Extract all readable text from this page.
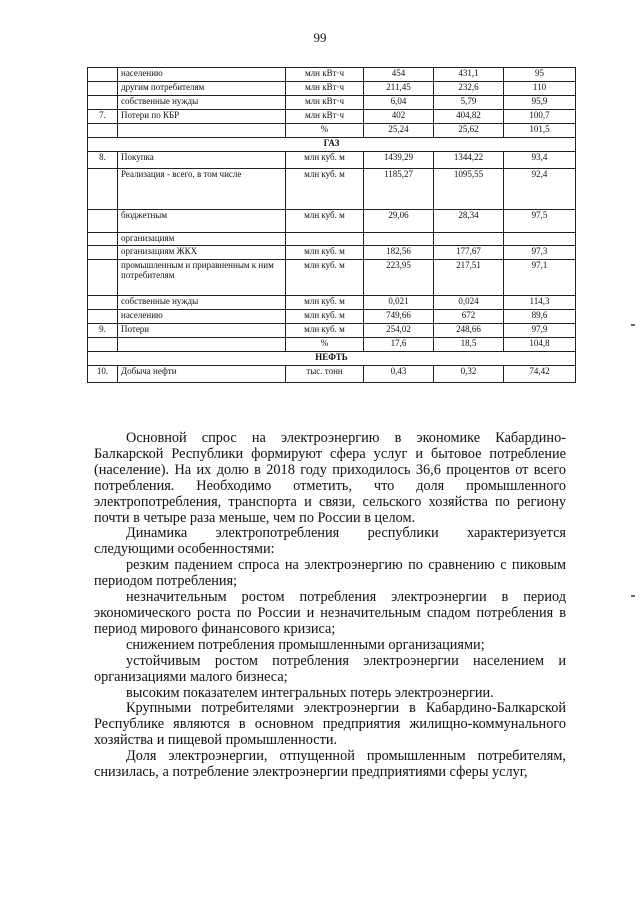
99
	населению	млн кВт·ч	454	431,1	95
	другим потребителям	млн кВт·ч	211,45	232,6	110
	собственные нужды	млн кВт·ч	6,04	5,79	95,9
7.	Потери по КБР	млн кВт·ч	402	404,82	100,7
		%	25,24	25,62	101,5
ГАЗ					
8.	Покупка	млн куб. м	1439,29	1344,22	93,4
	Реализация - всего, в том числе	млн куб. м	1185,27	1095,55	92,4
	бюджетным	млн куб. м	29,06	28,34	97,5
	организациям				
	организациям ЖКХ	млн куб. м	182,56	177,67	97,3
	промышленным и приравненным к ним потребителям	млн куб. м	223,95	217,51	97,1
	собственные нужды	млн куб. м	0,021	0,024	114,3
	населению	млн куб. м	749,66	672	89,6
9.	Потери	млн куб. м	254,02	248,66	97,9
		%	17,6	18,5	104,8
НЕФТЬ					
10.	Добыча нефти	тыс. тонн	0,43	0,32	74,42

Основной спрос на электроэнергию в экономике Кабардино-Балкарской Республики формируют сфера услуг и бытовое потребление (население). На их долю в 2018 году приходилось 36,6 процентов от всего потребления. Необходимо отметить, что доля промышленного электропотребления, транспорта и связи, сельского хозяйства по региону почти в четыре раза меньше, чем по России в целом.

Динамика электропотребления республики характеризуется следующими особенностями:

резким падением спроса на электроэнергию по сравнению с пиковым периодом потребления;

незначительным ростом потребления электроэнергии в период экономического роста по России и незначительным спадом потребления в период мирового финансового кризиса;

снижением потребления промышленными организациями;

устойчивым ростом потребления электроэнергии населением и организациями малого бизнеса;

высоким показателем интегральных потерь электроэнергии.

Крупными потребителями электроэнергии в Кабардино-Балкарской Республике являются в основном предприятия жилищно-коммунального хозяйства и пищевой промышленности.

Доля электроэнергии, отпущенной промышленным потребителям, снизилась, а потребление электроэнергии предприятиями сферы услуг,
